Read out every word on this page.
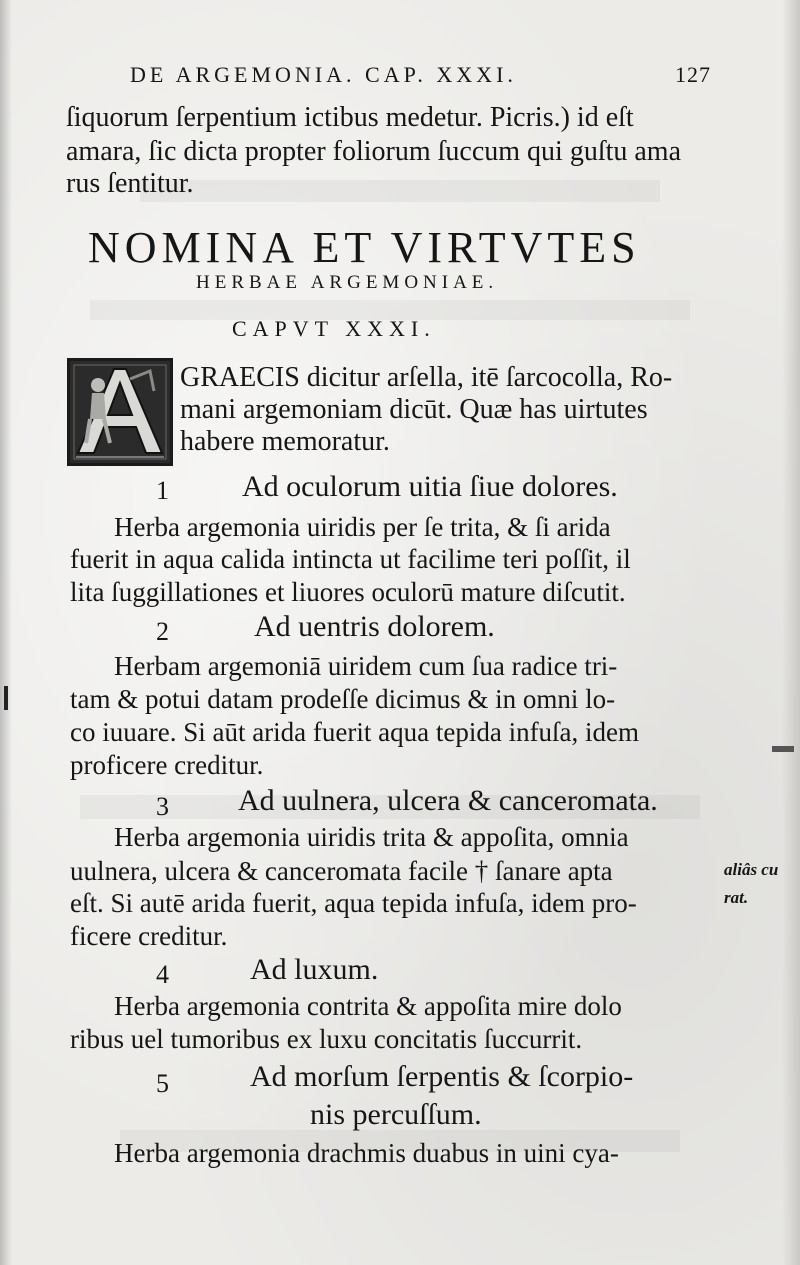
DE ARGEMONIA. CAP. XXXI.	127
ſiquorum ſerpentium ictibus medetur. Picris.) id eſt
amara, ſic dicta propter foliorum ſuccum qui guſtu ama
rus ſentitur.
NOMINA ET VIRTVTES
HERBAE ARGEMONIAE.
CAPVT XXXI.
GRAECIS dicitur arſella, itē ſarcocolla, Ro-
mani argemoniam dicūt. Quæ has uirtutes
habere memoratur.
1 Ad oculorum uitia ſiue dolores.
Herba argemonia uiridis per ſe trita, & ſi arida
fuerit in aqua calida intincta ut facilime teri poſſit, il
lita ſuggillationes et liuores oculorū mature diſcutit.
2	Ad uentris dolorem.
Herbam argemoniā uiridem cum ſua radice tri-
tam & potui datam prodeſſe dicimus & in omni lo-
co iuuare. Si aūt arida fuerit aqua tepida infuſa, idem
proficere creditur.
3 Ad uulnera, ulcera & canceromata.
Herba argemonia uiridis trita & appoſita, omnia
uulnera, ulcera & canceromata facile † ſanare apta
eſt. Si autē arida fuerit, aqua tepida infuſa, idem pro-
ficere creditur.
aliâs cu
rat.
4	Ad luxum.
Herba argemonia contrita & appoſita mire dolo
ribus uel tumoribus ex luxu concitatis ſuccurrit.
5	Ad morſum ſerpentis & ſcorpio-
nis percuſſum.
Herba argemonia drachmis duabus in uini cya-
